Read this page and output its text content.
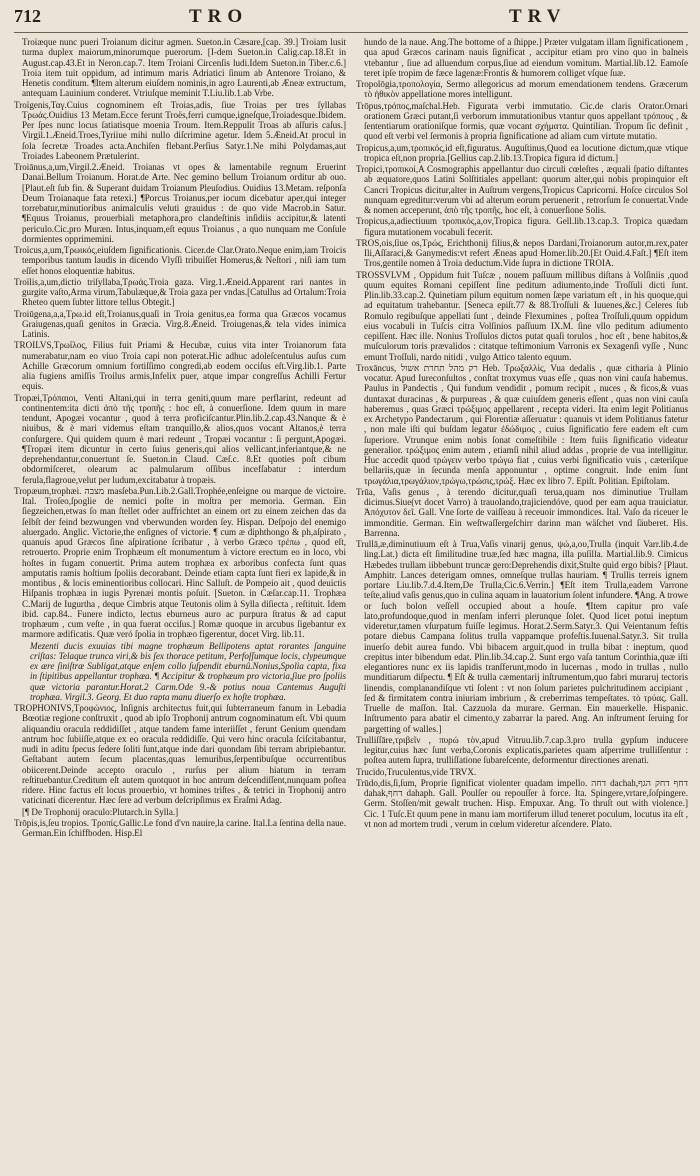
712	TRO	TRV

Troiæque nunc pueri Troianum dicitur agmen. Sueton.in Cæsare,[cap. 39.] Troiam lusit turma duplex maiorum,minorumque puerorum. [I-dem Sueton.in Calig.cap.18.Et in August.cap.43.Et in Neron.cap.7. Item Troiani Circenſis ludi.Idem Sueton.in Tiber.c.6.] Troia item tuit oppidum, ad intimum maris Adriatici ſinum ab Antenore Troiano, & Henetis conditum. ¶Item alterum eiuſdem nominis,in agro Laurenti,ab Æneæ extructum, antequam Lauinium conderet. Vtriuſque meminit T.Liu.lib.1.ab Vrbe.

Troïgenis,Ταγ.Cuius cognominem eſt Troias,adis, ſiue Troias per tres ſyllabas Τρωάς.Ouidius 13 Metam.Ecce ferunt Troës,ferri cumque,igneſque,Troiadesque.Ibidem. Per ſpes nunc locus ſatiatisque moenia Troum. Item.Reppulit Troas ab aſſuris caſus.] Virgil.1.Æneid.Troes,Tyriiue mihi nullo diſcrimine agetur. Idem 5.Æneid.At procul in ſola ſecretæ Troades acta.Anchiſen flebant.Perſius Satyr.1.Ne mihi Polydamas,aut Troiades Labeonem Prætulerint.

Troiānus,a,um,Virgil.2.Æneid. Troianas vt opes & lamentabile regnum Eruerint Danai.Bellum Troianum. Horat.de Arte. Nec gemino bellum Troianum orditur ab ouo. [Plaut.eſt ſub fin. & Superant duidam Troianum Pleuſodius. Ouidius 13.Metam. reſponſa Deum Troianaque fata retexi.] ¶Porcus Troianus,per iocum dicebatur aper,qui integer torrebatur,minutioribus animalculis veluti grauidus : de quo vide Macrob.in Satur. ¶Equus Troianus, prouerbiali metaphora,pro clandeſtinis inſidiis accipitur,& latenti periculo.Cic.pro Muræn. Intus,inquam,eſt equus Troianus , a quo nunquam me Conſule dormientes opprimemini.

Troïcus,a,um,Τρωικός,eiuſdem ſignificationis. Cicer.de Clar.Orato.Neque enim,iam Troicis temporibus tantum laudis in dicendo Vlyſſi tribuiſſet Homerus,& Neſtori , niſi iam tum eſſet honos eloquentiæ habitus.

Troïlis,a,um,dictio triſyllaba,Τρωάς.Troia gaza. Virg.1.Æneid.Apparent rari nantes in gurgite vaſto,Arma virum,Tabulæque,& Troia gaza per vndas.[Catullus ad Ortalum:Troia Rheteo quem ſubter littore tellus Obtegit.]

Troiūgena,a,a,Τρω.id eſt,Troianus,quaſi in Troia genitus,ea forma qua Græcos vocamus Graiugenas,quaſi genitos in Græcia. Virg.8.Æneid. Troiugenas,& tela vides inimica Latinis.

TROILVS,Τρωΐλος, Filius fuit Priami & Hecubæ, cuius vita inter Troianorum fata numerabatur,nam eo viuo Troia capi non poterat.Hic adhuc adoleſcentulus auſus cum Achille Græcorum omnium fortiſſimo congredi,ab eodem occiſus eſt.Virg.lib.1. Parte alia fugiens amiſſis Troilus armis,Infelix puer, atque impar congreſſus Achilli Fertur equis.

Tropæi,Τρόπαιοι, Venti Altani,qui in terra geniti,quum mare perflarint, redeunt ad continentem:ita dicti ἀπὸ τῆς τροπῆς : hoc eſt, à conuerſione. Idem quum in mare tendunt, Apogæi vocantur , quod à terra proficiſcantur.Plin.lib.2.cap.43.Nanque & è niuibus, & è mari videmus eſtam tranquillo,& alios,quos vocant Altanos,è terra conſurgere. Qui quidem quum è mari redeunt , Tropæi vocantur : ſi pergunt,Apogæi. ¶Tropæi item dicuntur in certo ſuius generis,qui alios vellicant,inferiantque,& ne deprehendantur,conuertunt ſe. Sueton.in Claud. Cæſ.c. 8.Et quoties poſt cibum obdormiſceret, olearum ac palmularum oſſibus incefſabatur : interdum ferula,flagroue,velut per ludum,excitabatur à tropæis.

Tropæum,trophæi. מצבה masſeba.Pun.Lib.2.Gall.Trophée,enſeigne ou marque de victoire. Ital. Troſeo,ſpoglie de nemici poſte in moſtra per memoria. German. Ein ſiegzeichen,etwas ſo man ſtellet oder auffrichtet an einem ort zu einem zeichen das da ſelbſt der feind bezwungen vnd vberwunden worden ſey. Hispan. Deſpojo del enemigo aluergado. Anglic. Victorie,the enſignes of victorie. ¶ cum æ diphthongo & ph,aſpirato , quanuis apud Græcos ſine aſpiratione ſcribatur , à verbo Græco τρέπω , quod eſt, retrouerto. Proprie enim Trophæum eſt monumentum à victore erectum eo in loco, vbi hoſtes in fugam conuertit. Prima autem trophæa ex arboribus confecta ſunt quas amputatis ramis hoſtium ſpoliis decorabant. Deinde etiam capta ſunt fieri ex lapide,& in montibus , & locis eminentioribus collocari. Hinc Salluſt. de Pompeio ait , quod deuictis Hiſpanis trophæa in iugis Pyrenæi montis poſuit. [Sueton. in Cæſar.cap.11. Trophæa C.Marij de Iugurtha , deque Cimbris atque Teutonis olim à Sylla diſiecta , reſtituit. Idem ibid. cap.84.. Funere indicto, lectus eburneus auro ac purpura ſtratus & ad caput trophæum , cum veſte , in qua fuerat occiſus.] Romæ quoque in arcubus ſigebantur ex marmore ædificatis. Quæ veró ſpolia in trophæo figerentur, docet Virg. lib.11.

Mezenti ducis exuuias tibi magne trophæum Bellipotens aptat rorantes ſanguine criſtas: Telaque trunca viri,& bis ſex thorace petitum, Perfoſſumque locis, clypeumque ex ære ſiniſtræ Subligat,atque enſem collo ſuſpendit eburnû.Nonius,Spolia capta, fixa in ſtipitibus appellantur trophæa. ¶ Accipitur & trophæum pro victoria,ſiue pro ſpoliis quæ victoria parantur.Horat.2 Carm.Ode 9.-& potius noua Cantemus Auguſti trophæa. Virgil.3. Georg. Et duo rapta manu diuerſo ex hoſte trophæa.

TROPHONIVS,Τροφώνιος, Inſignis architectus fuit,qui ſubterraneum fanum in Lebadia Bœotiæ regione conſtruxit , quod ab ipſo Trophonij antrum cognominatum eſt. Vbi quum aliquandiu oracula reddidiſſet , atque tandem fame interiiſſet , ferunt Genium quendam antrum hoc ſubiiſſe,atque ex eo oracula reddidiſſe. Qui vero hinc oracula ſciſcitabantur, nudi in aditu ſpecus ſedere ſoliti ſunt,atque inde dari quondam ſibi terram abripiebantur. Geſtabant autem ſecum placentas,quas lemuribus,ſerpentibuſque occurrentibus obiicerent.Deinde accepto oraculo , rurſus per alium hiatum in terram reſtituebantur.Creditum eſt autem quotquot in hoc antrum deſcendiſſent,nunquam poſtea ridere. Hinc factus eſt locus prouerbio, vt homines triſtes , & tetrici in Trophonij antro vaticinati dicerentur. Hæc ſere ad verbum deſcripſimus ex Eraſmi Adag.

[¶ De Trophonij oraculo:Plutarch.in Sylla.]

Trōpis,is,ſeu tropios. Τροπίς.Gallic.Le fond d'vn nauire,la carine. Ital.La ſentina della naue. German.Ein ſchiffboden. Hisp.El

hundo de la naue. Ang.The bottome of a ſhippe.] Præter vulgatam illam ſignificationem , qua apud Græcos carinam nauis ſignificat , accipitur etiam pro vino quo in balneis vtebantur , ſiue ad alluendum corpus,ſiue ad eiendum vomitum. Martial.lib.12. Eamoſe teret ipſe tropim de fæce lagenæ:Frontis & humorem colliget vſque ſuæ.

Tropolōgia,τροπολογία, Sermo allegoricus ad morum emendationem tendens. Græcerum τὸ ἠθικὸν appellatione mores intelligunt.

Trōpus,τρόπος,maſchal.Heb. Figurata verbi immutatio. Cic.de claris Orator.Ornari orationem Græci putant,ſi verborum immutationibus vtantur quos appellant τρόπους , & ſententiarum orationiſque formis, quæ vocant σχήματα. Quintilian. Tropum ſic definit , quod eſt verbi vel ſermonis à propria ſignificatione ad aliam cum virtute mutatio.

Tropicus,a,um,τροπικός,id eſt,figuratus. Auguſtinus,Quod ea locutione dictum,quæ vtique tropica eſt,non propria.[Gellius cap.2.lib.13.Tropica figura id dictum.]

Tropici,τροπικοί,A Cosmographis appellantur duo circuli cœleſtes , æquali ſpatio diſtantes ab æquatore,quos Latini Solſtitiales appellant: quorum alter,qui nobis propinquior eſt Cancri Tropicus dicitur,alter in Auſtrum vergens,Tropicus Capricorni. Hoſce circulos Sol nunquam egreditur:verum vbi ad alterum eorum peruenerit , retrorſum ſe conuertat.Vnde & nomen acceperunt, ἀπὸ τῆς τροπῆς, hoc eſt, à conuerſione Solis.

Tropicus,a,adiectiuum τροπικός,a,ον,Tropica figura. Gell.lib.13.cap.3. Tropica quædam figura mutationem vocabuli fecerit.

TROS,ois,ſiue os,Τρώς, Erichthonij filius,& nepos Dardani,Troianorum autor,m.rex,pater Ili,Aſſaraci,& Ganymedis:vt refert Æneas apud Homer.lib.20.[Et Ouid.4.Faſt.] ¶Eſt item Tros,gentile nomen à Troia deductum.Vide ſupra in dictione TROIA.

TROSSVLVM , Oppidum fuit Tuſcæ , nouem paſſuum millibus diſtans à Volſiniis ,quod quum equites Romani cepiſſent ſine peditum adiumento,inde Troſſuli dicti ſunt. Plin.lib.33.cap.2. Quinetiam pilum equitum nomen ſæpe variatum eſt , in his quoque,qui ad equitatum trahebantur. [Seneca epiſt.77 & 88.Troſſuli & Iuuenes,&c.] Celeres ſub Romulo regibuſque appellati ſunt , deinde Flexumines , poſtea Troſſuli,quum oppidum eius vocabuli in Tuſcis citra Volſinios paſſuum IX.M. ſine vllo peditum adiumento cepiſſent. Hæc ille. Nonius Troſſulos dictos putat quaſi torulos , hoc eſt , bene habitos,& muſculorum toris prævalidos : citatque teſtimonium Varronis ex Sexagenſi vyſſe , Nunc emunt Troſſuli, nardo nitidi , vulgo Attico talento equum.

Troxāncus, רק מהל תחרת אשול Heb. Τρωξαλλὶς, Vua dedalis , quæ citharia à Plinio vocatur. Apud Iureconſultos , conſtat troxymus vuas eſſe , quas non vini cauſa habemus. Paulus in Pandectis , Qui fundum vendidit , pomum recipit , nuces , & ficos,& vuas duntaxat duracinas , & purpureas , & quæ cuiuſdem generis eſſent , quas non vini cauſa haberemus , quas Græci τρώξιμος appellarent , recepta videri. Ita enim legit Politianus ex Archetypo Pandectarum , qui Florentiæ aſſeruatur : quanuis vt idem Politianus fatetur , non male iſti qui buſdam legatur ἐδώδιμος , cuius ſignificatio fere eadem eſt cum ſuperiore. Vtrunque enim nobis ſonat comeſtibile : Item fuiis ſignificatio videatur generalior. τρώξιμος enim autem , etiamſi nihil aliud addas , proprie de vua intelligitur. Huc accedit quod τρώγειν verbo τρώγω fiat , cuius verbi ſignificatio vuis , cæteriſque bellariis,quæ in ſecunda menſa apponuntur , optime congruit. Inde enim ſunt τρωγάλια,τρωγάλιον,τρώγω,τρώσις,τρώξ. Hæc ex libro 7. Epiſt. Politian. Epiſtolam.

Trūa, Vaſis genus , à terendo dicitur,quaſi terua,quam nos diminutiue Trullam dicimus.Siue(vt docet Varro) à trauolando,trajiciendóve, quod per eam aqua trauiciatur. Ἀπόχυτον δεῖ. Gall. Vne ſorte de vaiſſeau à receuoir immondices. Ital. Vaſo da riceuer le immonditie. German. Ein weſtwaſſergeſchirr darinn man wäſchet vnd ſäuberet. His. Barrenna.

Trullā,æ,diminutiuum eſt à Trua,Vaſis vinarij genus, ψώ,a,ου,Trulla (inquit Varr.lib.4.de ling.Lat.) dicta eſt ſimilitudine truæ,ſed hæc magna, illa puſilla. Martial.lib.9. Cimicus Hæbedes trullam iibbebunt truncæ gero:Deprehendis dixit,Stulte quid ergo bibis? [Plaut. Amphitr. Lances deterigam omnes, omneſque trullas hauriam. ¶ Trullis terreis ignem portare Liu.lib.7.d.4.Item,De Trulla,Cic.6.Verrin.] ¶Eſt item Trulla,eadem Varrone teſte,aliud vaſis genus,quo in culina aquam in lauatorium ſolent infundere. ¶Ang. A trowe or ſuch bolon veſſell occupied about a houſe. ¶Item capitur pro vaſe lato,profundoque,quod in menſam inferri plerunque ſolet. Quod licet potui ineptum videretur,tamen vſurpatum fuiſſe legimus. Horat.2.Serm.Satyr.3. Qui Veientanum feſtis potare diebus Campana ſolitus trulla vappamque profeſtis.Iuuenal.Satyr.3. Sit trulla inuerſo debit aurea fundo. Vbi bibacem arguit,quod in trulla bibat : ineptum, quod crepitus inter bibendum edat. Plin.lib.34.cap.2. Sunt ergo vaſa tantum Corinthia,quæ iſti elegantiores nunc ex iis lapidis tranſferunt,modo in lucernas , modo in trullas , nullo munditiarum diſpectu. ¶ Eſt & trulla cæmentarij inſtrumentum,quo fabri muraruj tectoris linendis, complanandiſque vti ſolent : vt non ſolum parietes pulchritudinem accipiant , ſed & firmitatem contra iniuriam imbrium , & creberrimas tempeſtates. τὸ τρύας. Gall. Truelle de maſſon. Ital. Cazzuola da murare. German. Ein mauerkelle. Hispanic. Inſtrumento para abatir el cimento,y zabarrar la pared. Ang. An inſtrument ſeruing for pargetting of walles.]

Trulliſſāre,τριβεῖν , πυρώ τὸν,apud Vitruu.lib.7.cap.3.pro trulla gypſum inducere legitur,cuius hæc ſunt verba,Coronis explicatis,parietes quam aſperrime trulliſſentur : poſtea autem ſupra, trulliſſatione ſubareſcente, deformentur directiones arenati.

Trucido,Truculentus,vide TRVX.

Trūdo,dis,ſi,ſum, Proprie ſignificat violenter quadam impello. דחה dachah,דחף דחק הגף dahak,דחף dahaph. Gall. Poulſer ou repouſſer à force. Ita. Spingere,vrtare,ſoſpingere. Germ. Stoſſen/mit gewalt truchen. Hisp. Empuxar. Ang. To thruſt out with violence.] Cic. 1 Tuſc.Et quum pene in manu iam mortiferum illud teneret poculum, locutus ita eſt , vt non ad mortem trudi , verum in cœlum videretur aſcendere. Plato.
